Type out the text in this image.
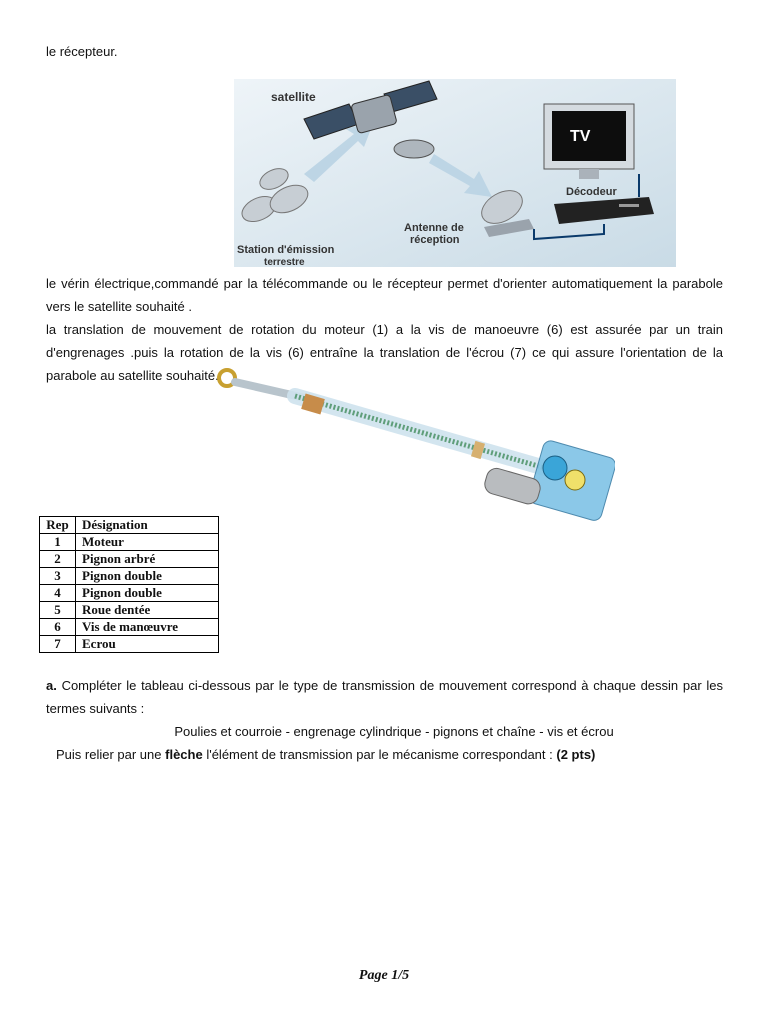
le récepteur.
satellite
Station d'émission
terrestre
Antenne de
réception
TV
Décodeur
le vérin électrique,commandé par la télécommande ou le récepteur permet d'orienter automatiquement la parabole vers le satellite souhaité .
la translation de mouvement de rotation du moteur (1) a la vis de manoeuvre (6) est assurée par un train d'engrenages .puis la rotation de la vis (6) entraîne la translation de l'écrou (7) ce qui assure l'orientation de la parabole au satellite souhaité.
Rep	Désignation
1	Moteur
2	Pignon arbré
3	Pignon double
4	Pignon double
5	Roue dentée
6	Vis de manœuvre
7	Ecrou
a. Compléter le tableau ci-dessous par le type de transmission de mouvement correspond à chaque dessin par les termes suivants :
Poulies et courroie - engrenage cylindrique - pignons et chaîne - vis et écrou
Puis relier par une flèche l'élément de transmission par le mécanisme correspondant : (2 pts)
Page 1/5
